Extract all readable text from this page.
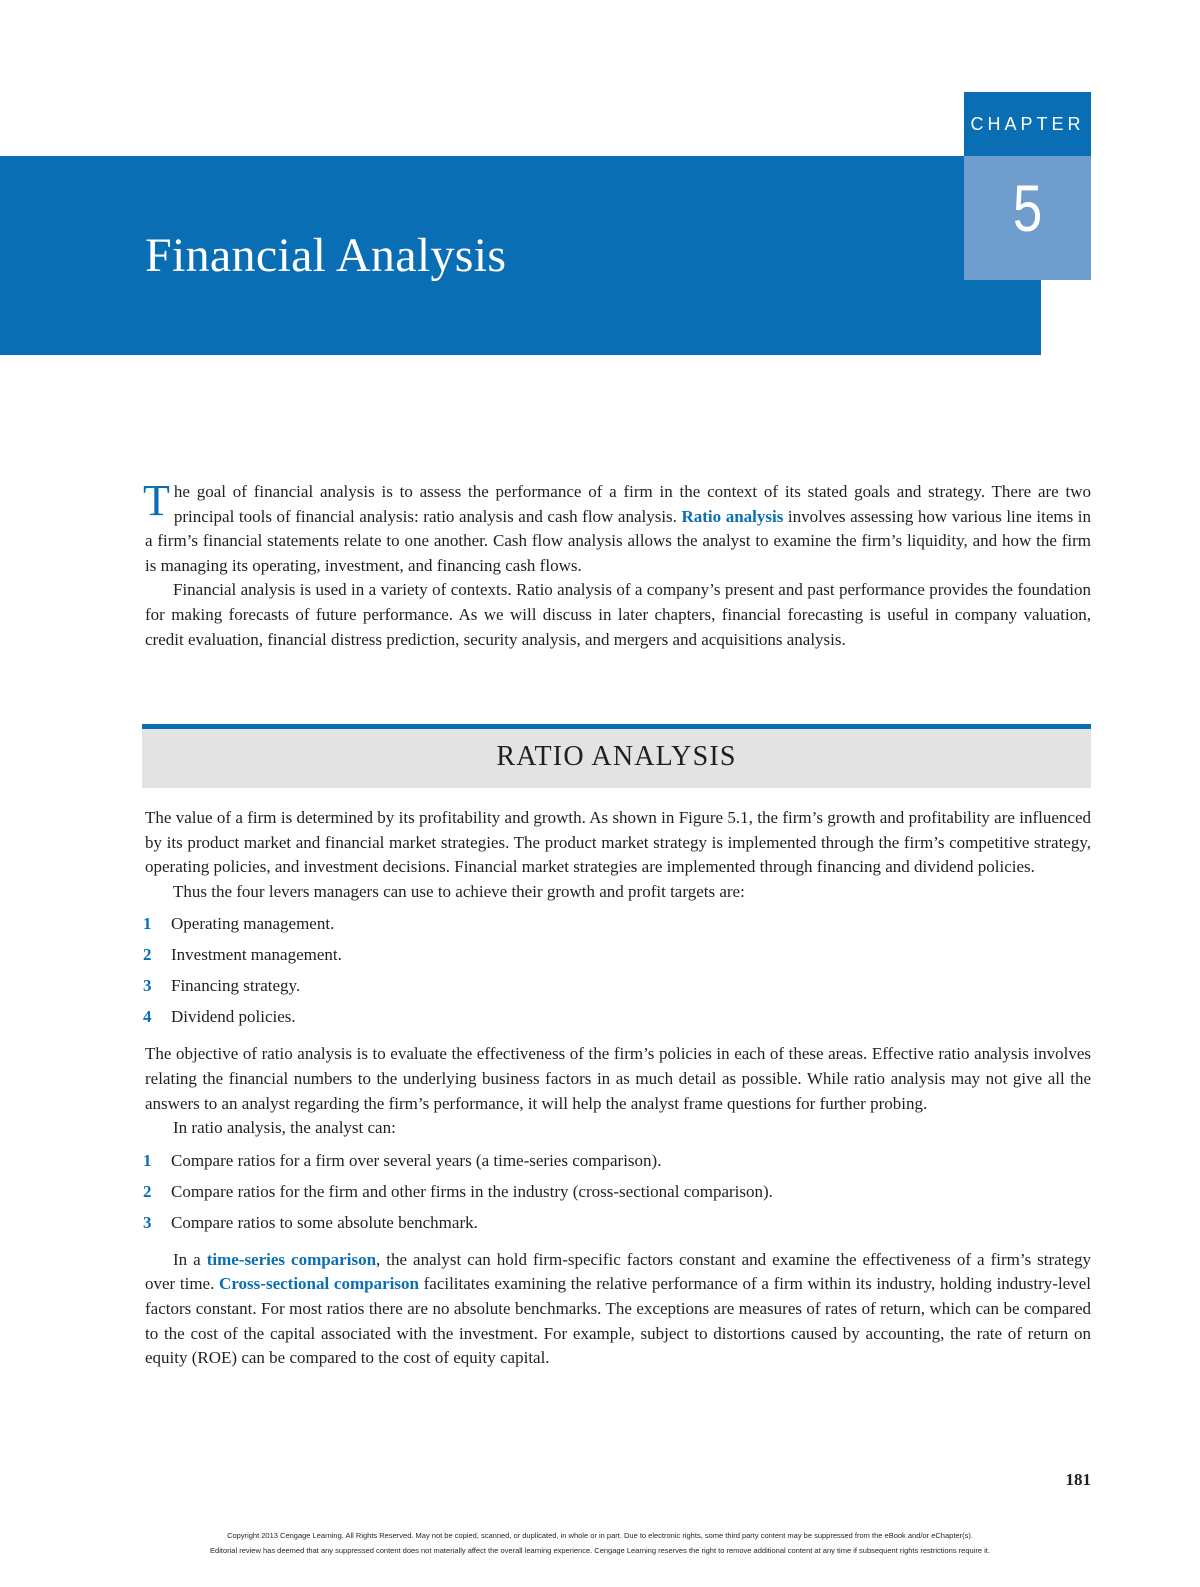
Financial Analysis
CHAPTER
5

The goal of financial analysis is to assess the performance of a firm in the context of its stated goals and strategy. There are two principal tools of financial analysis: ratio analysis and cash flow analysis. Ratio analysis involves assessing how various line items in a firm’s financial statements relate to one another. Cash flow analysis allows the analyst to examine the firm’s liquidity, and how the firm is managing its operating, investment, and financing cash flows.

Financial analysis is used in a variety of contexts. Ratio analysis of a company’s present and past performance provides the foundation for making forecasts of future performance. As we will discuss in later chapters, financial forecasting is useful in company valuation, credit evaluation, financial distress prediction, security analysis, and mergers and acquisitions analysis.

RATIO ANALYSIS

The value of a firm is determined by its profitability and growth. As shown in Figure 5.1, the firm’s growth and profitability are influenced by its product market and financial market strategies. The product market strategy is implemented through the firm’s competitive strategy, operating policies, and investment decisions. Financial market strategies are implemented through financing and dividend policies.

Thus the four levers managers can use to achieve their growth and profit targets are:

1 Operating management.
2 Investment management.
3 Financing strategy.
4 Dividend policies.

The objective of ratio analysis is to evaluate the effectiveness of the firm’s policies in each of these areas. Effective ratio analysis involves relating the financial numbers to the underlying business factors in as much detail as possible. While ratio analysis may not give all the answers to an analyst regarding the firm’s performance, it will help the analyst frame questions for further probing.

In ratio analysis, the analyst can:

1 Compare ratios for a firm over several years (a time-series comparison).
2 Compare ratios for the firm and other firms in the industry (cross-sectional comparison).
3 Compare ratios to some absolute benchmark.

In a time-series comparison, the analyst can hold firm-specific factors constant and examine the effectiveness of a firm’s strategy over time. Cross-sectional comparison facilitates examining the relative performance of a firm within its industry, holding industry-level factors constant. For most ratios there are no absolute benchmarks. The exceptions are measures of rates of return, which can be compared to the cost of the capital associated with the investment. For example, subject to distortions caused by accounting, the rate of return on equity (ROE) can be compared to the cost of equity capital.

181
Copyright 2013 Cengage Learning. All Rights Reserved. May not be copied, scanned, or duplicated, in whole or in part. Due to electronic rights, some third party content may be suppressed from the eBook and/or eChapter(s).
Editorial review has deemed that any suppressed content does not materially affect the overall learning experience. Cengage Learning reserves the right to remove additional content at any time if subsequent rights restrictions require it.
